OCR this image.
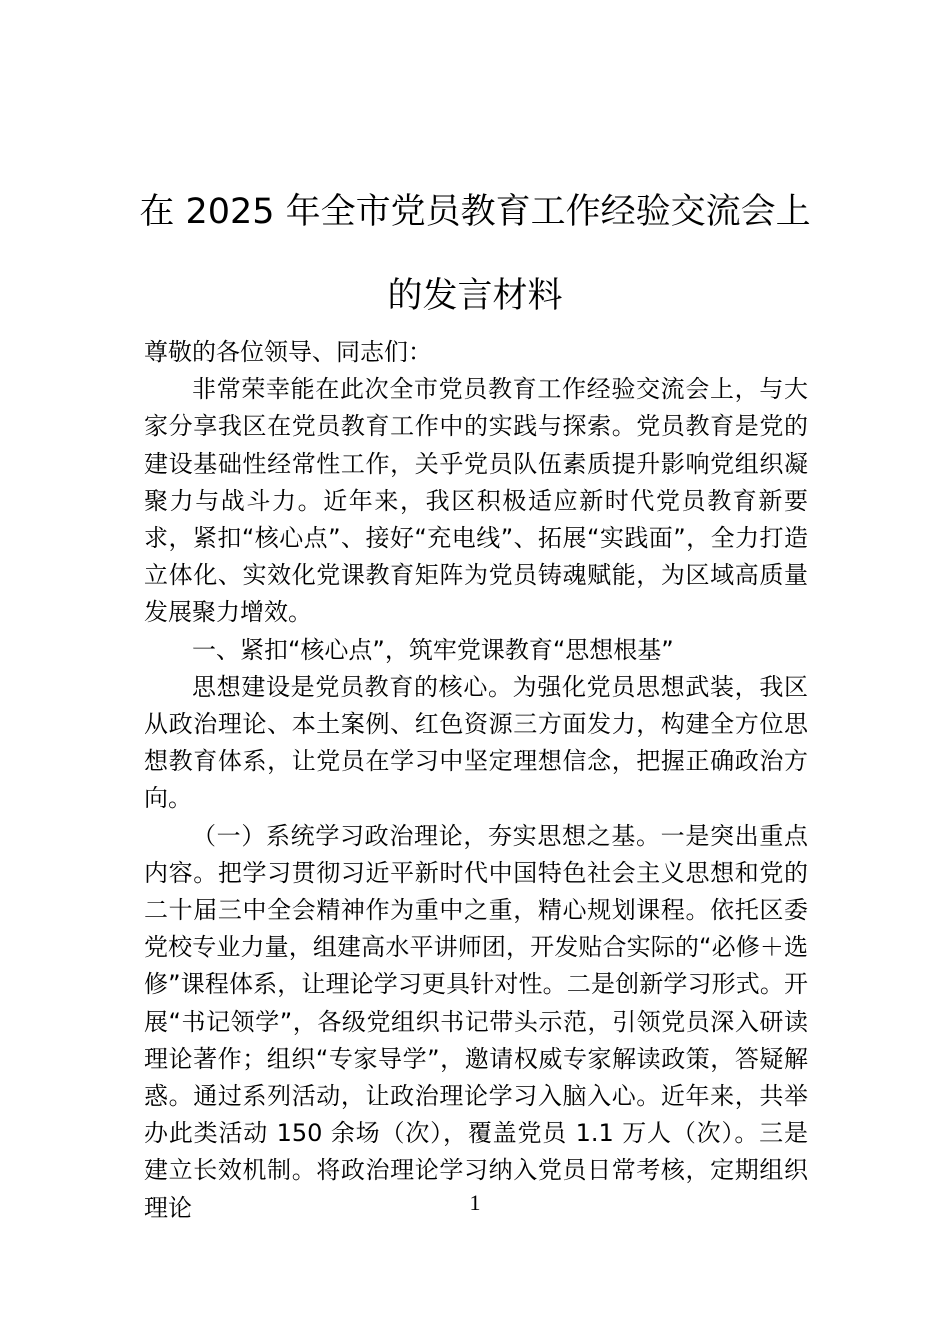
在 2025 年全市党员教育工作经验交流会上
的发言材料

尊敬的各位领导、同志们：

非常荣幸能在此次全市党员教育工作经验交流会上，与大家分享我区在党员教育工作中的实践与探索。党员教育是党的建设基础性经常性工作，关乎党员队伍素质提升影响党组织凝聚力与战斗力。近年来，我区积极适应新时代党员教育新要求，紧扣“核心点”、接好“充电线”、拓展“实践面”，全力打造立体化、实效化党课教育矩阵为党员铸魂赋能，为区域高质量发展聚力增效。

一、紧扣“核心点”，筑牢党课教育“思想根基”

思想建设是党员教育的核心。为强化党员思想武装，我区从政治理论、本土案例、红色资源三方面发力，构建全方位思想教育体系，让党员在学习中坚定理想信念，把握正确政治方向。

（一）系统学习政治理论，夯实思想之基。一是突出重点内容。把学习贯彻习近平新时代中国特色社会主义思想和党的二十届三中全会精神作为重中之重，精心规划课程。依托区委党校专业力量，组建高水平讲师团，开发贴合实际的“必修＋选修”课程体系，让理论学习更具针对性。二是创新学习形式。开展“书记领学”，各级党组织书记带头示范，引领党员深入研读理论著作；组织“专家导学”，邀请权威专家解读政策，答疑解惑。通过系列活动，让政治理论学习入脑入心。近年来，共举办此类活动 150 余场（次），覆盖党员 1.1 万人（次）。三是建立长效机制。将政治理论学习纳入党员日常考核，定期组织理论	1
